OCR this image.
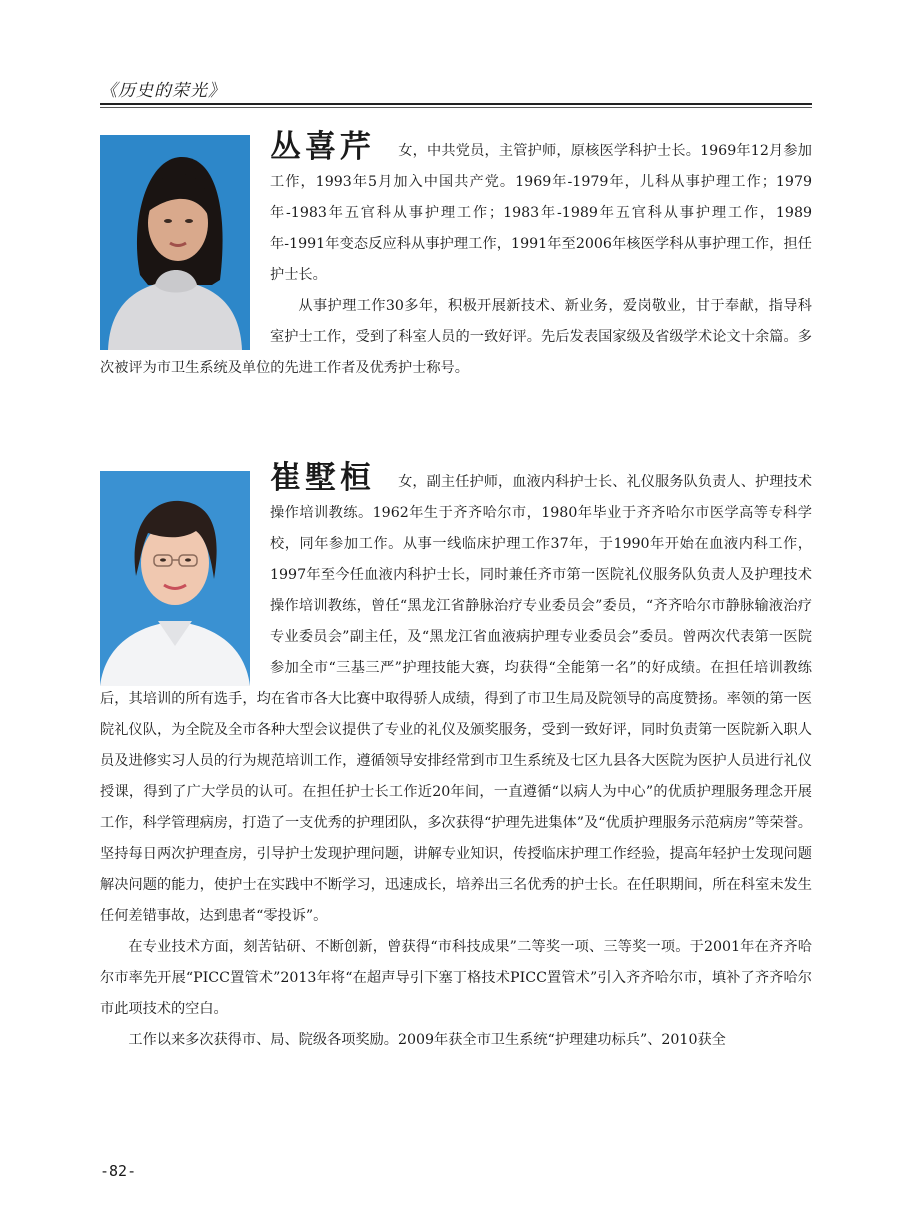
《历史的荣光》

丛喜芹 女，中共党员，主管护师，原核医学科护士长。1969年12月参加工作，1993年5月加入中国共产党。1969年-1979年，儿科从事护理工作；1979年-1983年五官科从事护理工作；1983年-1989年五官科从事护理工作，1989年-1991年变态反应科从事护理工作，1991年至2006年核医学科从事护理工作，担任护士长。

从事护理工作30多年，积极开展新技术、新业务，爱岗敬业，甘于奉献，指导科室护士工作，受到了科室人员的一致好评。先后发表国家级及省级学术论文十余篇。多次被评为市卫生系统及单位的先进工作者及优秀护士称号。

崔墅桓 女，副主任护师，血液内科护士长、礼仪服务队负责人、护理技术操作培训教练。1962年生于齐齐哈尔市，1980年毕业于齐齐哈尔市医学高等专科学校，同年参加工作。从事一线临床护理工作37年，于1990年开始在血液内科工作，1997年至今任血液内科护士长，同时兼任齐市第一医院礼仪服务队负责人及护理技术操作培训教练，曾任“黑龙江省静脉治疗专业委员会”委员，“齐齐哈尔市静脉输液治疗专业委员会”副主任，及“黑龙江省血液病护理专业委员会”委员。曾两次代表第一医院参加全市“三基三严”护理技能大赛，均获得“全能第一名”的好成绩。在担任培训教练后，其培训的所有选手，均在省市各大比赛中取得骄人成绩，得到了市卫生局及院领导的高度赞扬。率领的第一医院礼仪队，为全院及全市各种大型会议提供了专业的礼仪及颁奖服务，受到一致好评，同时负责第一医院新入职人员及进修实习人员的行为规范培训工作，遵循领导安排经常到市卫生系统及七区九县各大医院为医护人员进行礼仪授课，得到了广大学员的认可。在担任护士长工作近20年间，一直遵循“以病人为中心”的优质护理服务理念开展工作，科学管理病房，打造了一支优秀的护理团队，多次获得“护理先进集体”及“优质护理服务示范病房”等荣誉。坚持每日两次护理查房，引导护士发现护理问题，讲解专业知识，传授临床护理工作经验，提高年轻护士发现问题解决问题的能力，使护士在实践中不断学习，迅速成长，培养出三名优秀的护士长。在任职期间，所在科室未发生任何差错事故，达到患者“零投诉”。

在专业技术方面，刻苦钻研、不断创新，曾获得“市科技成果”二等奖一项、三等奖一项。于2001年在齐齐哈尔市率先开展“PICC置管术”2013年将“在超声导引下塞丁格技术PICC置管术”引入齐齐哈尔市，填补了齐齐哈尔市此项技术的空白。

工作以来多次获得市、局、院级各项奖励。2009年获全市卫生系统“护理建功标兵”、2010获全

-82-
